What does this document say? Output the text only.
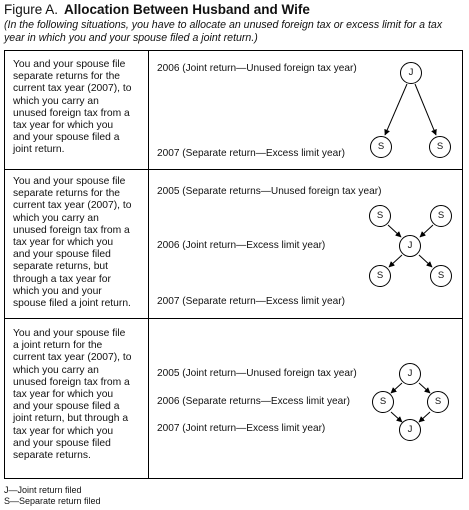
Figure A. Allocation Between Husband and Wife
(In the following situations, you have to allocate an unused foreign tax or excess limit for a tax year in which you and your spouse filed a joint return.)
You and your spouse file
separate returns for the
current tax year (2007), to
which you carry an
unused foreign tax from a
tax year for which you
and your spouse filed a
joint return.
2006 (Joint return—Unused foreign tax year)
2007 (Separate return—Excess limit year)
J
S	S
You and your spouse file
separate returns for the
current tax year (2007), to
which you carry an
unused foreign tax from a
tax year for which you
and your spouse filed
separate returns, but
through a tax year for
which you and your
spouse filed a joint return.
2005 (Separate returns—Unused foreign tax year)
2006 (Joint return—Excess limit year)
2007 (Separate return—Excess limit year)
S	S
J
S	S
You and your spouse file
a joint return for the
current tax year (2007), to
which you carry an
unused foreign tax from a
tax year for which you
and your spouse filed a
joint return, but through a
tax year for which you
and your spouse filed
separate returns.
2005 (Joint return—Unused foreign tax year)
2006 (Separate returns—Excess limit year)
2007 (Joint return—Excess limit year)
J
S	S
J
J—Joint return filed
S—Separate return filed
